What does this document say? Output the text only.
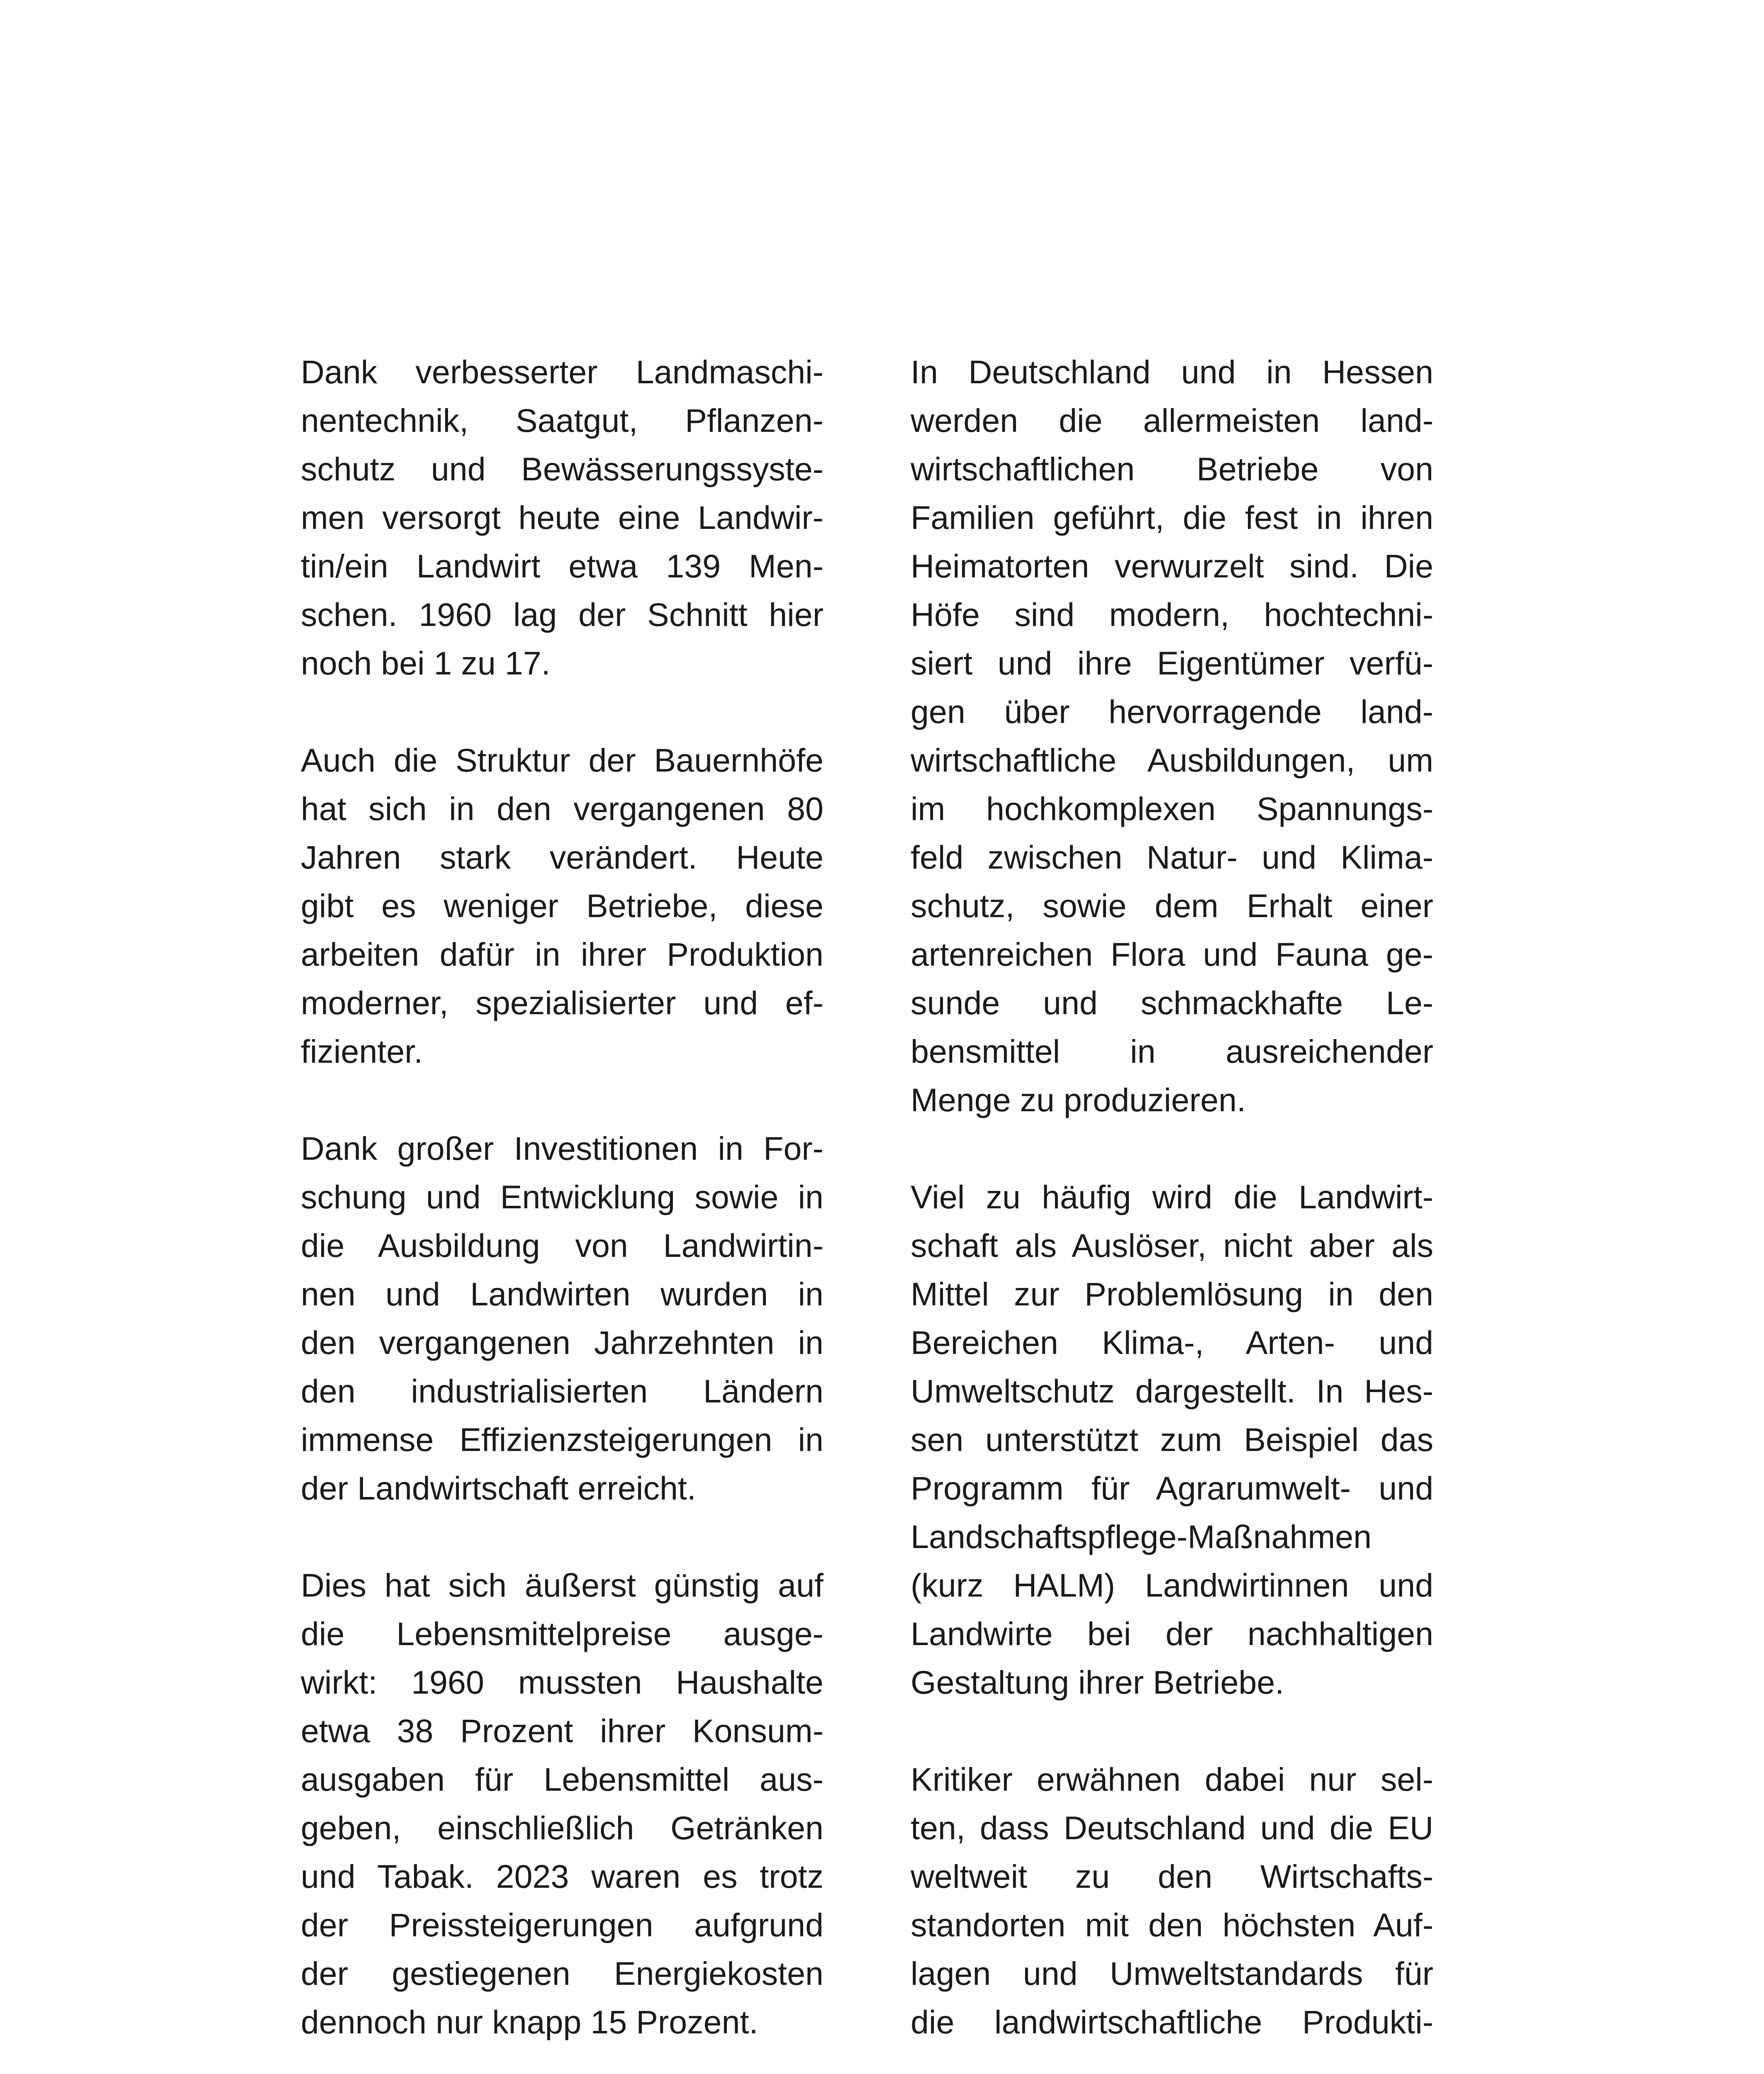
Dank verbesserter Landmaschi-
nentechnik, Saatgut, Pflanzen-
schutz und Bewässerungssyste-
men versorgt heute eine Landwir-
tin/ein Landwirt etwa 139 Men-
schen. 1960 lag der Schnitt hier
noch bei 1 zu 17.
Auch die Struktur der Bauernhöfe
hat sich in den vergangenen 80
Jahren stark verändert. Heute
gibt es weniger Betriebe, diese
arbeiten dafür in ihrer Produktion
moderner, spezialisierter und ef-
fizienter.
Dank großer Investitionen in For-
schung und Entwicklung sowie in
die Ausbildung von Landwirtin-
nen und Landwirten wurden in
den vergangenen Jahrzehnten in
den industrialisierten Ländern
immense Effizienzsteigerungen in
der Landwirtschaft erreicht.
Dies hat sich äußerst günstig auf
die Lebensmittelpreise ausge-
wirkt: 1960 mussten Haushalte
etwa 38 Prozent ihrer Konsum-
ausgaben für Lebensmittel aus-
geben, einschließlich Getränken
und Tabak. 2023 waren es trotz
der Preissteigerungen aufgrund
der gestiegenen Energiekosten
dennoch nur knapp 15 Prozent.
In Deutschland und in Hessen
werden die allermeisten land-
wirtschaftlichen Betriebe von
Familien geführt, die fest in ihren
Heimatorten verwurzelt sind. Die
Höfe sind modern, hochtechni-
siert und ihre Eigentümer verfü-
gen über hervorragende land-
wirtschaftliche Ausbildungen, um
im hochkomplexen Spannungs-
feld zwischen Natur- und Klima-
schutz, sowie dem Erhalt einer
artenreichen Flora und Fauna ge-
sunde und schmackhafte Le-
bensmittel in ausreichender
Menge zu produzieren.
Viel zu häufig wird die Landwirt-
schaft als Auslöser, nicht aber als
Mittel zur Problemlösung in den
Bereichen Klima-, Arten- und
Umweltschutz dargestellt. In Hes-
sen unterstützt zum Beispiel das
Programm für Agrarumwelt- und
Landschaftspflege-Maßnahmen
(kurz HALM) Landwirtinnen und
Landwirte bei der nachhaltigen
Gestaltung ihrer Betriebe.
Kritiker erwähnen dabei nur sel-
ten, dass Deutschland und die EU
weltweit zu den Wirtschafts-
standorten mit den höchsten Auf-
lagen und Umweltstandards für
die landwirtschaftliche Produkti-
